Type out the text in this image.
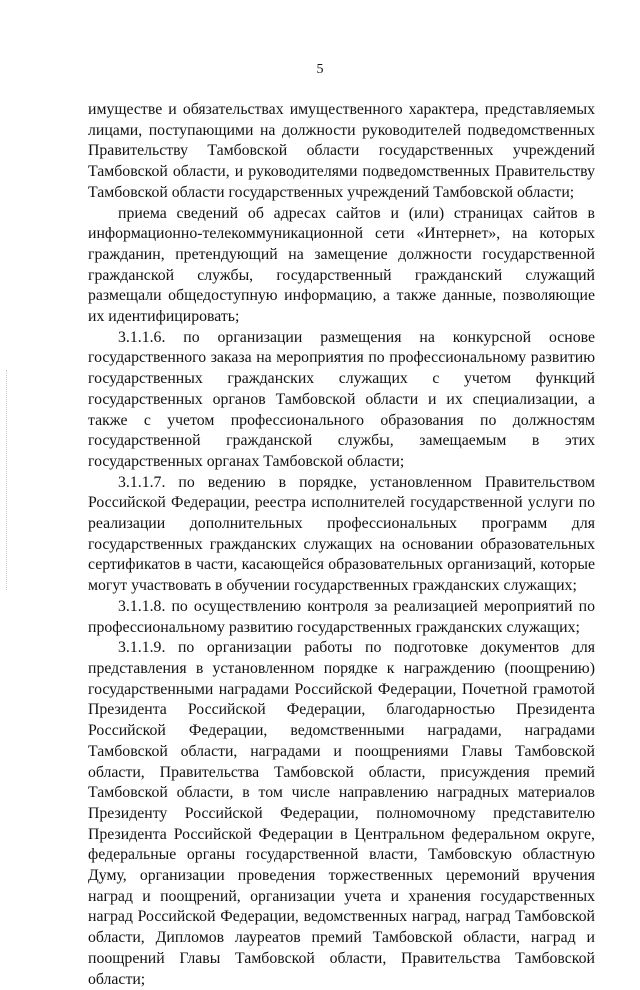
5

имуществе и обязательствах имущественного характера, представляемых лицами, поступающими на должности руководителей подведомственных Правительству Тамбовской области государственных учреждений Тамбовской области, и руководителями подведомственных Правительству Тамбовской области государственных учреждений Тамбовской области;

приема сведений об адресах сайтов и (или) страницах сайтов в информационно-телекоммуникационной сети «Интернет», на которых гражданин, претендующий на замещение должности государственной гражданской службы, государственный гражданский служащий размещали общедоступную информацию, а также данные, позволяющие их идентифицировать;

3.1.1.6. по организации размещения на конкурсной основе государственного заказа на мероприятия по профессиональному развитию государственных гражданских служащих с учетом функций государственных органов Тамбовской области и их специализации, а также с учетом профессионального образования по должностям государственной гражданской службы, замещаемым в этих государственных органах Тамбовской области;

3.1.1.7. по ведению в порядке, установленном Правительством Российской Федерации, реестра исполнителей государственной услуги по реализации дополнительных профессиональных программ для государственных гражданских служащих на основании образовательных сертификатов в части, касающейся образовательных организаций, которые могут участвовать в обучении государственных гражданских служащих;

3.1.1.8. по осуществлению контроля за реализацией мероприятий по профессиональному развитию государственных гражданских служащих;

3.1.1.9. по организации работы по подготовке документов для представления в установленном порядке к награждению (поощрению) государственными наградами Российской Федерации, Почетной грамотой Президента Российской Федерации, благодарностью Президента Российской Федерации, ведомственными наградами, наградами Тамбовской области, наградами и поощрениями Главы Тамбовской области, Правительства Тамбовской области, присуждения премий Тамбовской области, в том числе направлению наградных материалов Президенту Российской Федерации, полномочному представителю Президента Российской Федерации в Центральном федеральном округе, федеральные органы государственной власти, Тамбовскую областную Думу, организации проведения торжественных церемоний вручения наград и поощрений, организации учета и хранения государственных наград Российской Федерации, ведомственных наград, наград Тамбовской области, Дипломов лауреатов премий Тамбовской области, наград и поощрений Главы Тамбовской области, Правительства Тамбовской области;
